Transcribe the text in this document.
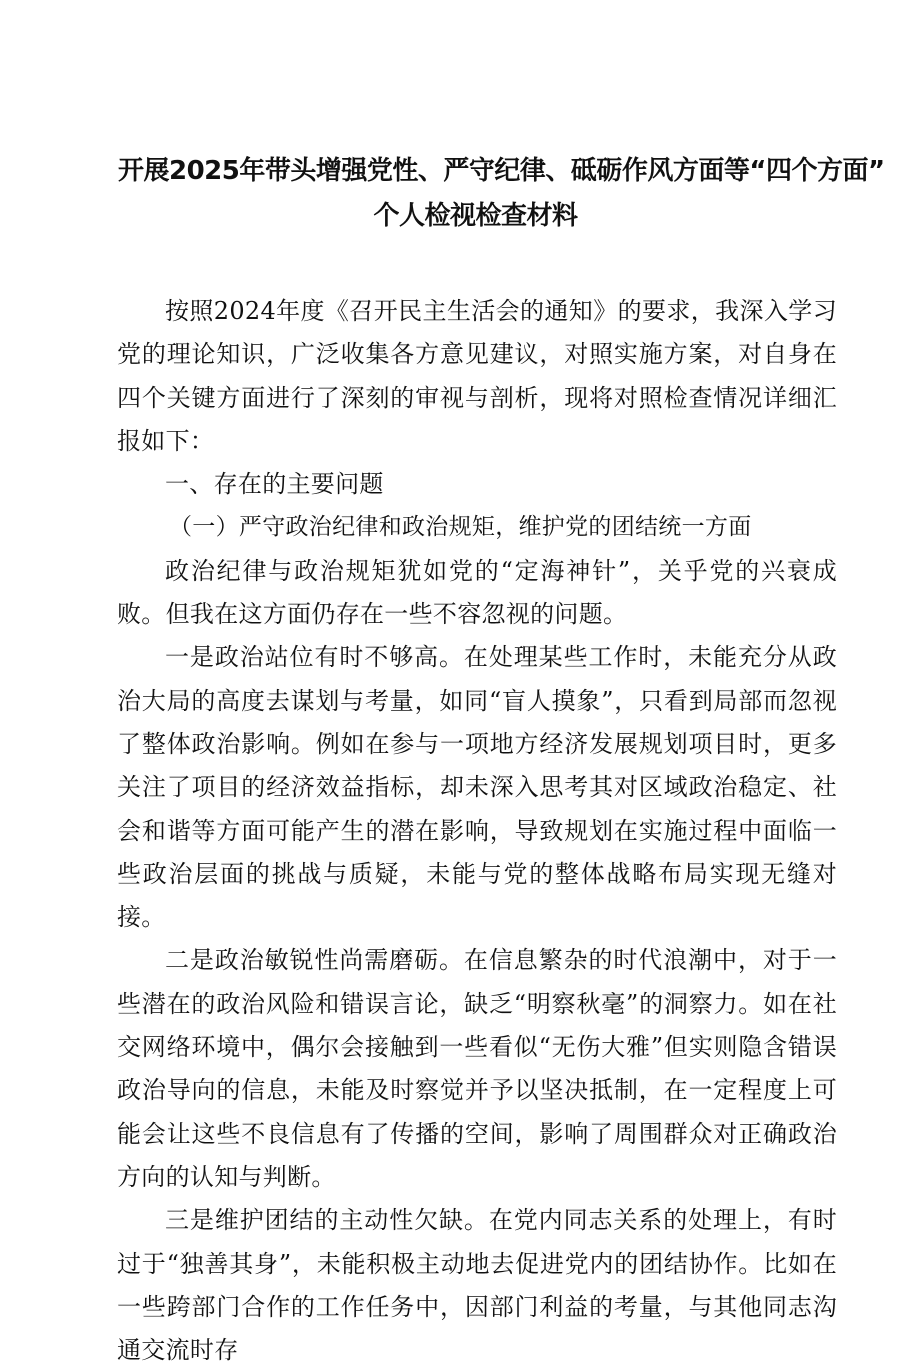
开展2025年带头增强党性、严守纪律、砥砺作风方面等“四个方面”
个人检视检查材料

按照2024年度《召开民主生活会的通知》的要求，我深入学习党的理论知识，广泛收集各方意见建议，对照实施方案，对自身在四个关键方面进行了深刻的审视与剖析，现将对照检查情况详细汇报如下：

一、存在的主要问题

（一）严守政治纪律和政治规矩，维护党的团结统一方面

政治纪律与政治规矩犹如党的“定海神针”，关乎党的兴衰成败。但我在这方面仍存在一些不容忽视的问题。

一是政治站位有时不够高。在处理某些工作时，未能充分从政治大局的高度去谋划与考量，如同“盲人摸象”，只看到局部而忽视了整体政治影响。例如在参与一项地方经济发展规划项目时，更多关注了项目的经济效益指标，却未深入思考其对区域政治稳定、社会和谐等方面可能产生的潜在影响，导致规划在实施过程中面临一些政治层面的挑战与质疑，未能与党的整体战略布局实现无缝对接。

二是政治敏锐性尚需磨砺。在信息繁杂的时代浪潮中，对于一些潜在的政治风险和错误言论，缺乏“明察秋毫”的洞察力。如在社交网络环境中，偶尔会接触到一些看似“无伤大雅”但实则隐含错误政治导向的信息，未能及时察觉并予以坚决抵制，在一定程度上可能会让这些不良信息有了传播的空间，影响了周围群众对正确政治方向的认知与判断。

三是维护团结的主动性欠缺。在党内同志关系的处理上，有时过于“独善其身”，未能积极主动地去促进党内的团结协作。比如在一些跨部门合作的工作任务中，因部门利益的考量，与其他同志沟通交流时存
